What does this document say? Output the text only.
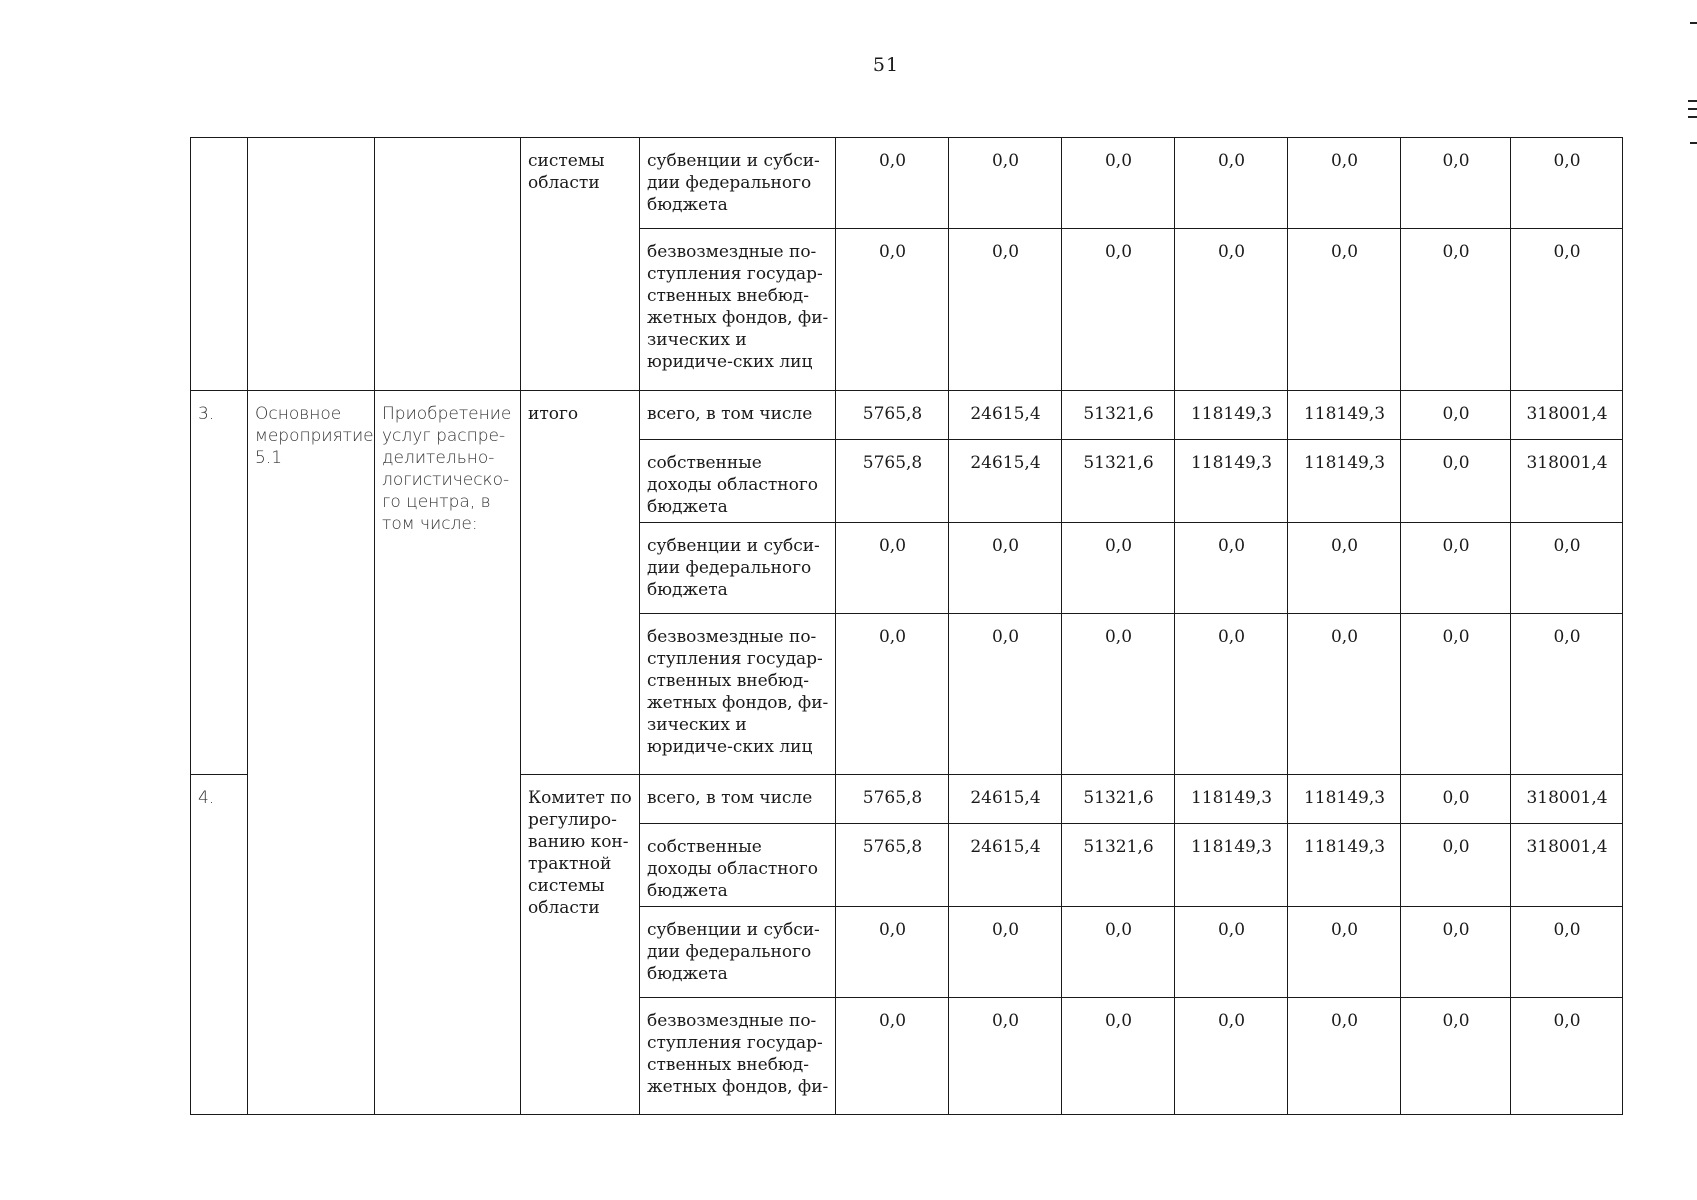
51
			системы области	субвенции и субси-дии федерального бюджета	0,0	0,0	0,0	0,0	0,0	0,0	0,0
				безвозмездные по-ступления государ-ственных внебюд-жетных фондов, фи-зических и юридиче-ских лиц	0,0	0,0	0,0	0,0	0,0	0,0	0,0
3.	Основное мероприятие 5.1	Приобретение услуг распре-делительно-логистическо-го центра, в том числе:	итого	всего, в том числе	5765,8	24615,4	51321,6	118149,3	118149,3	0,0	318001,4
				собственные доходы областного бюджета	5765,8	24615,4	51321,6	118149,3	118149,3	0,0	318001,4
				субвенции и субси-дии федерального бюджета	0,0	0,0	0,0	0,0	0,0	0,0	0,0
				безвозмездные по-ступления государ-ственных внебюд-жетных фондов, фи-зических и юридиче-ских лиц	0,0	0,0	0,0	0,0	0,0	0,0	0,0
4.			Комитет по регулиро-ванию кон-трактной системы области	всего, в том числе	5765,8	24615,4	51321,6	118149,3	118149,3	0,0	318001,4
				собственные доходы областного бюджета	5765,8	24615,4	51321,6	118149,3	118149,3	0,0	318001,4
				субвенции и субси-дии федерального бюджета	0,0	0,0	0,0	0,0	0,0	0,0	0,0
				безвозмездные по-ступления государ-ственных внебюд-жетных фондов, фи-	0,0	0,0	0,0	0,0	0,0	0,0	0,0
